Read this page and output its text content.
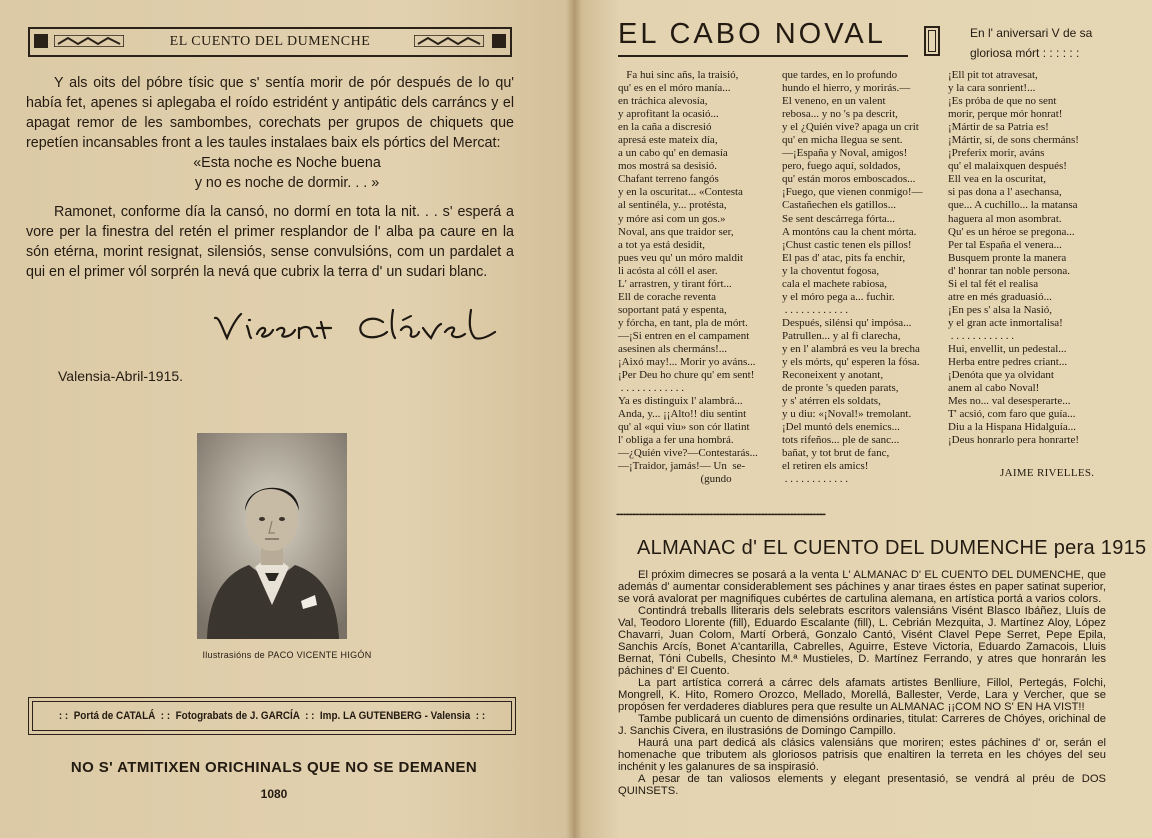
EL CUENTO DEL DUMENCHE
Y als oits del póbre tísic que s' sentía morir de pór después de lo qu' había fet, apenes si aplegaba el roído estridént y antipátic dels carráncs y el apagat remor de les sambombes, corechats per grupos de chiquets que repetíen incansables front a les taules instalaes baix els pórtics del Mercat:
«Esta noche es Noche buena
y no es noche de dormir. . . »
Ramonet, conforme día la cansó, no dormí en tota la nit. . . s' esperá a vore per la finestra del retén el primer resplandor de l' alba pa caure en la són etérna, morint resignat, silensiós, sense convulsións, com un pardalet a qui en el primer vól sorprén la nevá que cubrix la terra d' un sudari blanc.
Valensia-Abril-1915.
Ilustrasións de PACO VICENTE HIGÓN
: :  Portá de CATALÁ  : :  Fotograbats de J. GARCÍA  : :  Imp. LA GUTENBERG - Valensia  : :
NO S' ATMITIXEN ORICHINALS QUE NO SE DEMANEN
1080
EL CABO NOVAL	En l' aniversari V de sa
gloriosa mórt : : : : : :
Fa hui sinc añs, la traisió,
qu' es en el móro manía...
en tráchica alevosía,
y aprofitant la ocasió...
en la caña a discresió
apresá este mateix día,
a un cabo qu' en demasía
mos mostrá sa desisió.
Chafant terreno fangós
y en la oscuritat... «Contesta
al sentinéla, y... protésta,
y móre asi com un gos.»
Noval, ans que traidor ser,
a tot ya está desidit,
pues veu qu' un móro maldit
li acósta al cóll el aser.
L' arrastren, y tirant fórt...
Ell de corache reventa
soportant patá y espenta,
y fórcha, en tant, pla de mórt.
—¡Si entren en el campament
asesinen als chermáns!...
¡Aixó may!... Morir yo aváns...
¡Per Deu ho chure qu' em sent!
. . . . . . . . . . . .
Ya es distinguix l' alambrá...
Anda, y... ¡¡Alto!! diu sentint
qu' al «qui viu» son cór llatint
l' obliga a fer una hombrá.
—¿Quién vive?—Contestarás...
—¡Traidor, jamás!— Un  se-
(gundo
que tardes, en lo profundo
hundo el hierro, y morirás.—
El veneno, en un valent
rebosa... y no 's pa descrit,
y el ¿Quién vive? apaga un crit
qu' en micha llegua se sent.
—¡España y Noval, amigos!
pero, fuego aquí, soldados,
qu' están moros emboscados...
¡Fuego, que vienen conmigo!—
Castañechen els gatillos...
Se sent descárrega fórta...
A montóns cau la chent mórta.
¡Chust castic tenen els pillos!
El pas d' atac, pits fa enchir,
y la choventut fogosa,
cala el machete rabiosa,
y el móro pega a... fuchir.
. . . . . . . . . . . .
Después, silénsi qu' impósa...
Patrullen... y al fi clarecha,
y en l' alambrá es veu la brecha
y els mórts, qu' esperen la fósa.
Reconeixent y anotant,
de pronte 's queden parats,
y s' atérren els soldats,
y u diu: «¡Noval!» tremolant.
¡Del muntó dels enemics...
tots rifeños... ple de sanc...
bañat, y tot brut de fanc,
el retiren els amics!
. . . . . . . . . . . .
¡Ell pit tot atravesat,
y la cara sonrient!...
¡Es próba de que no sent
morir, perque mór honrat!
¡Mártir de sa Patria es!
¡Mártir, sí, de sons chermáns!
¡Preferix morir, aváns
qu' el malaixquen después!
Ell vea en la oscuritat,
si pas dona a l' asechansa,
que... A cuchillo... la matansa
haguera al mon asombrat.
Qu' es un héroe se pregona...
Per tal España el venera...
Busquem pronte la manera
d' honrar tan noble persona.
Si el tal fét el realisa
atre en més graduasió...
¡En pes s' alsa la Nasió,
y el gran acte inmortalisa!
. . . . . . . . . . . .
Hui, envellit, un pedestal...
Herba entre pedres criant...
¡Denóta que ya olvidant
anem al cabo Noval!
Mes no... val desesperarte...
T' acsió, com faro que guía...
Diu a la Hispana Hidalguía...
¡Deus honrarlo pera honrarte!
JAIME RIVELLES.
••••••••••••••••••••••••••••••••••••••••••••••••••••••••••••••••••••••••••••••••••••••••••••••••••••••••••••••••••••••••••••••••••••••••••••••••
ALMANAC d' EL CUENTO DEL DUMENCHE pera 1915

El próxim dimecres se posará a la venta L' ALMANAC D' EL CUENTO DEL DUMENCHE, que además d' aumentar considerablement ses páchines y anar tiraes éstes en paper satinat superior, se vorá avalorat per magnifiques cubértes de cartulina alemana, en artística portá a varios colors.

Contindrá treballs lliteraris dels selebrats escritors valensiáns Visént Blasco Ibáñez, Lluís de Val, Teodoro Llorente (fill), Eduardo Escalante (fill), L. Cebrián Mezquita, J. Martínez Aloy, López Chavarri, Juan Colom, Martí Orberá, Gonzalo Cantó, Visént Clavel Pepe Serret, Pepe Epila, Sanchis Arcís, Bonet A'cantarilla, Cabrelles, Aguirre, Esteve Victoria, Eduardo Zamacois, Lluis Bernat, Tóni Cubells, Chesinto M.ª Mustieles, D. Martínez Ferrando, y atres que honrarán les páchines d' El Cuento.

La part artística correrá a cárrec dels afamats artistes Benlliure, Fillol, Pertegás, Folchi, Mongrell, K. Hito, Romero Orozco, Mellado, Morellá, Ballester, Verde, Lara y Vercher, que se propósen fer verdaderes diablures pera que resulte un ALMANAC ¡¡COM NO S' EN HA VIST!!

Tambe publicará un cuento de dimensións ordinaries, titulat: Carreres de Chóyes, orichinal de J. Sanchis Civera, en ilustrasións de Domingo Campillo.

Haurá una part dedicá als clásics valensiáns que moriren; estes páchines d' or, serán el homenache que tributem als gloriosos patrisis que enaltiren la terreta en les chóyes del seu inchénit y les galanures de sa inspirasió.

A pesar de tan valiosos elements y elegant presentasió, se vendrá al préu de DOS QUINSETS.
